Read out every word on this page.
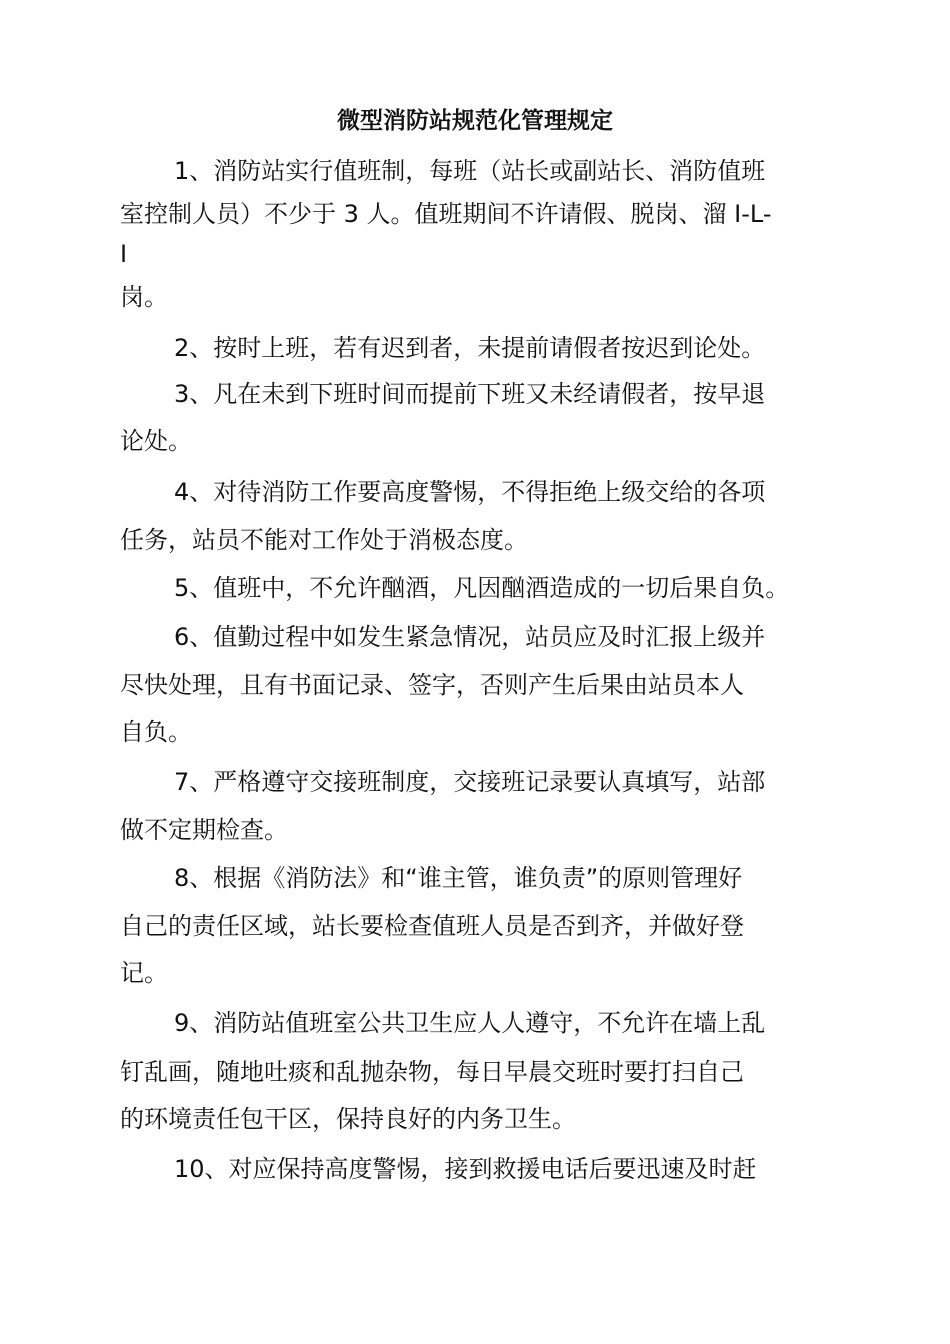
微型消防站规范化管理规定
1、消防站实行值班制，每班（站长或副站长、消防值班
室控制人员）不少于 3 人。值班期间不许请假、脱岗、溜 I-L-
I
岗。
2、按时上班，若有迟到者，未提前请假者按迟到论处。
3、凡在未到下班时间而提前下班又未经请假者，按早退
论处。
4、对待消防工作要高度警惕，不得拒绝上级交给的各项
任务，站员不能对工作处于消极态度。
5、值班中，不允许酗酒，凡因酗酒造成的一切后果自负。
6、值勤过程中如发生紧急情况，站员应及时汇报上级并
尽快处理，且有书面记录、签字，否则产生后果由站员本人
自负。
7、严格遵守交接班制度，交接班记录要认真填写，站部
做不定期检查。
8、根据《消防法》和“谁主管，谁负责”的原则管理好
自己的责任区域，站长要检查值班人员是否到齐，并做好登
记。
9、消防站值班室公共卫生应人人遵守，不允许在墙上乱
钉乱画，随地吐痰和乱抛杂物，每日早晨交班时要打扫自己
的环境责任包干区，保持良好的内务卫生。
10、对应保持高度警惕，接到救援电话后要迅速及时赶
